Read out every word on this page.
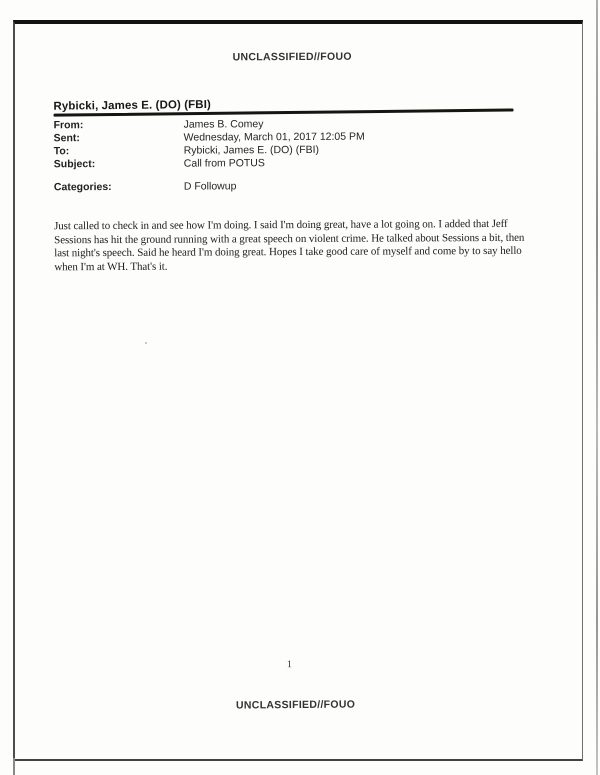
UNCLASSIFIED//FOUO
Rybicki, James E. (DO) (FBI)
From:	James B. Comey
Sent:	Wednesday, March 01, 2017 12:05 PM
To:	Rybicki, James E. (DO) (FBI)
Subject:	Call from POTUS
Categories:	D Followup

Just called to check in and see how I'm doing. I said I'm doing great, have a lot going on. I added that Jeff Sessions has hit the ground running with a great speech on violent crime. He talked about Sessions a bit, then last night's speech. Said he heard I'm doing great. Hopes I take good care of myself and come by to say hello when I'm at WH. That's it.

1
UNCLASSIFIED//FOUO
